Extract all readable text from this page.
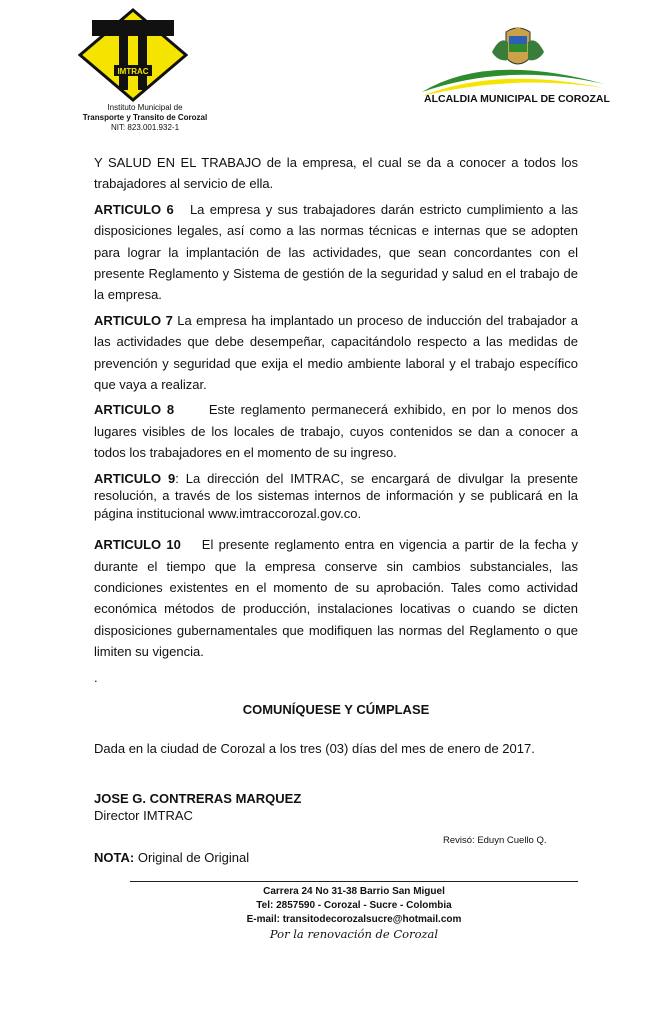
IMTRAC
Instituto Municipal de
Transporte y Transito de Corozal
NIT: 823.001.932-1
ALCALDIA MUNICIPAL DE COROZAL

Y SALUD EN EL TRABAJO de la empresa, el cual se da a conocer a todos los trabajadores al servicio de ella.

ARTICULO 6 La empresa y sus trabajadores darán estricto cumplimiento a las disposiciones legales, así como a las normas técnicas e internas que se adopten para lograr la implantación de las actividades, que sean concordantes con el presente Reglamento y Sistema de gestión de la seguridad y salud en el trabajo de la empresa.

ARTICULO 7 La empresa ha implantado un proceso de inducción del trabajador a las actividades que debe desempeñar, capacitándolo respecto a las medidas de prevención y seguridad que exija el medio ambiente laboral y el trabajo específico que vaya a realizar.

ARTICULO 8	Este reglamento permanecerá exhibido, en por lo menos dos lugares visibles de los locales de trabajo, cuyos contenidos se dan a conocer a todos los trabajadores en el momento de su ingreso.

ARTICULO 9: La dirección del IMTRAC, se encargará de divulgar la presente resolución, a través de los sistemas internos de información y se publicará en la página institucional www.imtraccorozal.gov.co.

ARTICULO 10 El presente reglamento entra en vigencia a partir de la fecha y durante el tiempo que la empresa conserve sin cambios substanciales, las condiciones existentes en el momento de su aprobación. Tales como actividad económica métodos de producción, instalaciones locativas o cuando se dicten disposiciones gubernamentales que modifiquen las normas del Reglamento o que limiten su vigencia.

.
COMUNÍQUESE Y CÚMPLASE
Dada en la ciudad de Corozal a los tres (03) días del mes de enero de 2017.
JOSE G. CONTRERAS MARQUEZ
Director IMTRAC
Revisó: Eduyn Cuello Q.
NOTA: Original de Original
Carrera 24 No 31-38 Barrio San Miguel
Tel: 2857590 - Corozal - Sucre - Colombia
E-mail: transitodecorozalsucre@hotmail.com
Por la renovación de Corozal
